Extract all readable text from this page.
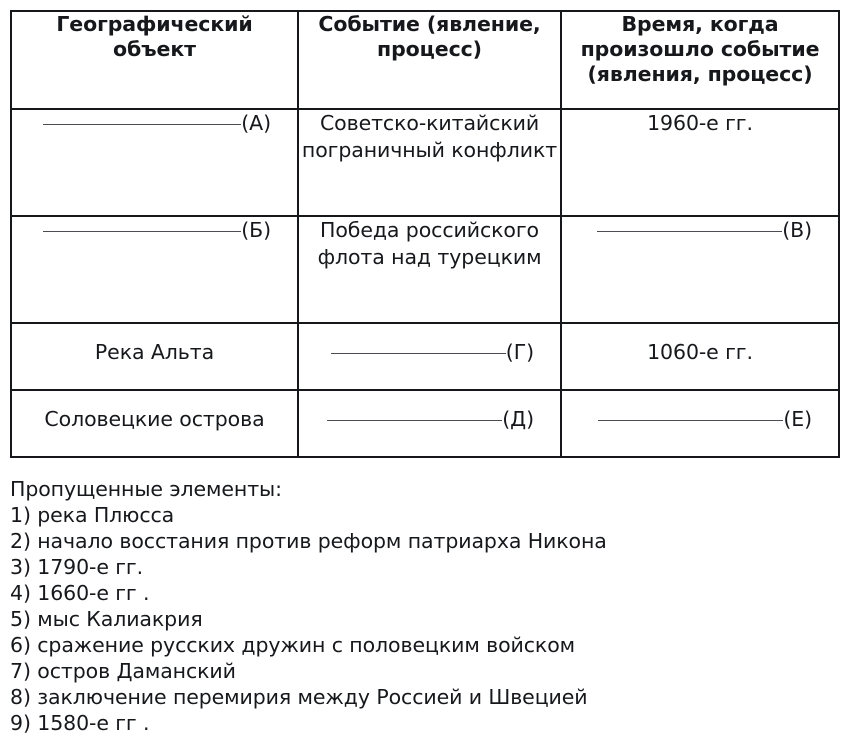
Географический объект	Событие (явление, процесс)	Время, когда произошло событие (явления, процесс)

(А)	Советско-китайский пограничный конфликт	1960-е гг.

(Б)	Победа российского флота над турецким	(В)

Река Альта	(Г)	1060-е гг.
Соловецкие острова	(Д)	(Е)
Пропущенные элементы:
1) река Плюсса
2) начало восстания против реформ патриарха Никона
3) 1790-е гг.
4) 1660-е гг .
5) мыс Калиакрия
6) сражение русских дружин с половецким войском
7) остров Даманский
8) заключение перемирия между Россией и Швецией
9) 1580-е гг .
